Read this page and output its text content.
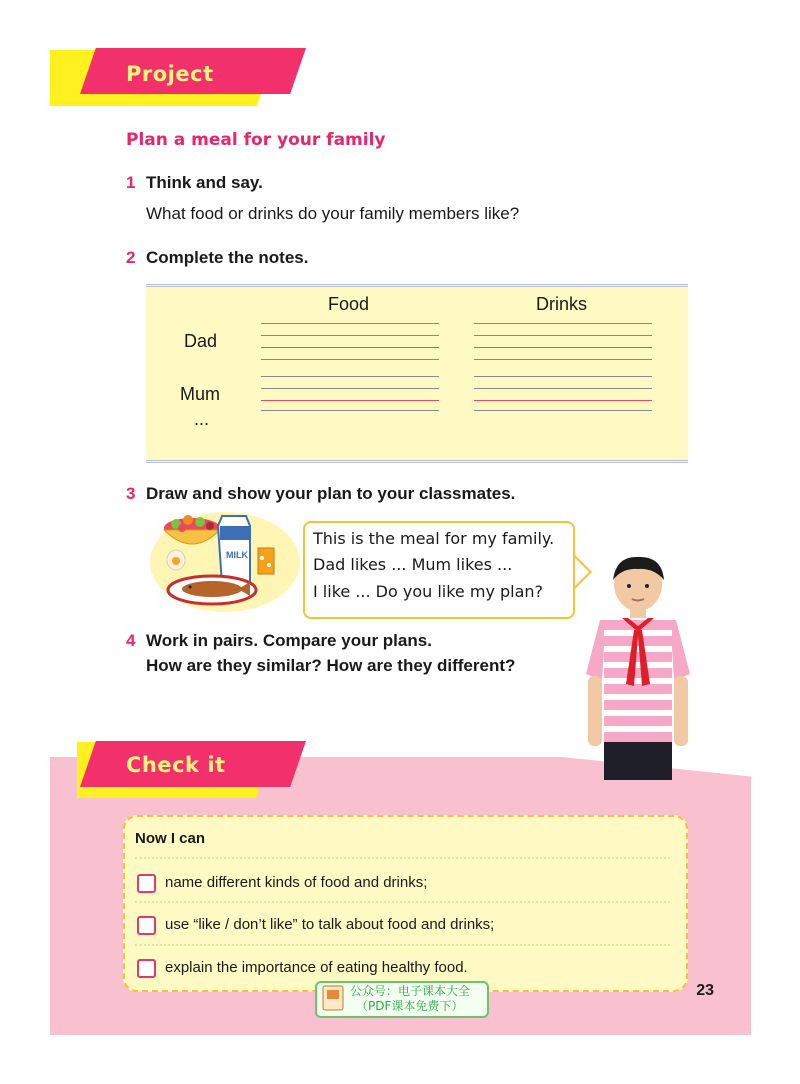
Project
Plan a meal for your family
1 Think and say.
What food or drinks do your family members like?
2 Complete the notes.
Food	Drinks
Dad
Mum
...
3 Draw and show your plan to your classmates.
MILK
This is the meal for my family.
Dad likes ... Mum likes ...
I like ... Do you like my plan?
4 Work in pairs. Compare your plans.
How are they similar? How are they different?
Check it
Now I can
name different kinds of food and drinks;
use “like / don’t like” to talk about food and drinks;
explain the importance of eating healthy food.
公众号：电子课本大全
（PDF课本免费下）
23
